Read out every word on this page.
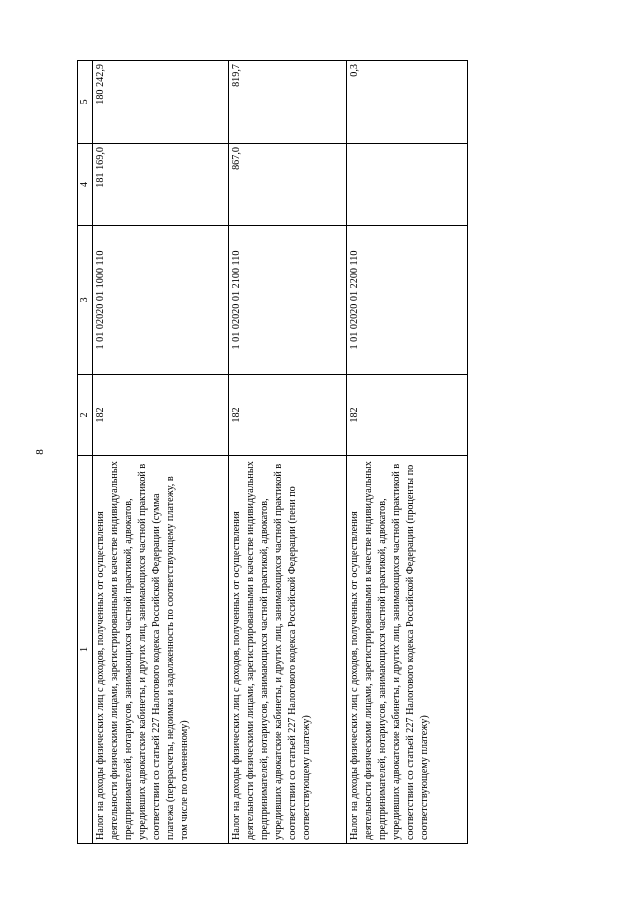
8
1	2	3	4	5
Налог на доходы физических лиц с доходов, полученных от осуществления деятельности физическими лицами, зарегистрированными в качестве индивидуальных предпринимателей, нотариусов, занимающихся частной практикой, адвокатов, учредивших адвокатские кабинеты, и других лиц, занимающихся частной практикой в соответствии со статьей 227 Налогового кодекса Российской Федерации (сумма платежа (перерасчеты, недоимка и задолженность по соответствующему платежу, в том числе по отмененному)	182	1 01 02020 01 1000 110	181 169,0	180 242,9
Налог на доходы физических лиц с доходов, полученных от осуществления деятельности физическими лицами, зарегистрированными в качестве индивидуальных предпринимателей, нотариусов, занимающихся частной практикой, адвокатов, учредивших адвокатские кабинеты, и других лиц, занимающихся частной практикой в соответствии со статьей 227 Налогового кодекса Российской Федерации (пени по соответствующему платежу)	182	1 01 02020 01 2100 110	867,0	819,7
Налог на доходы физических лиц с доходов, полученных от осуществления деятельности физическими лицами, зарегистрированными в качестве индивидуальных предпринимателей, нотариусов, занимающихся частной практикой, адвокатов, учредивших адвокатские кабинеты, и других лиц, занимающихся частной практикой в соответствии со статьей 227 Налогового кодекса Российской Федерации (проценты по соответствующему платежу)	182	1 01 02020 01 2200 110		0,3
